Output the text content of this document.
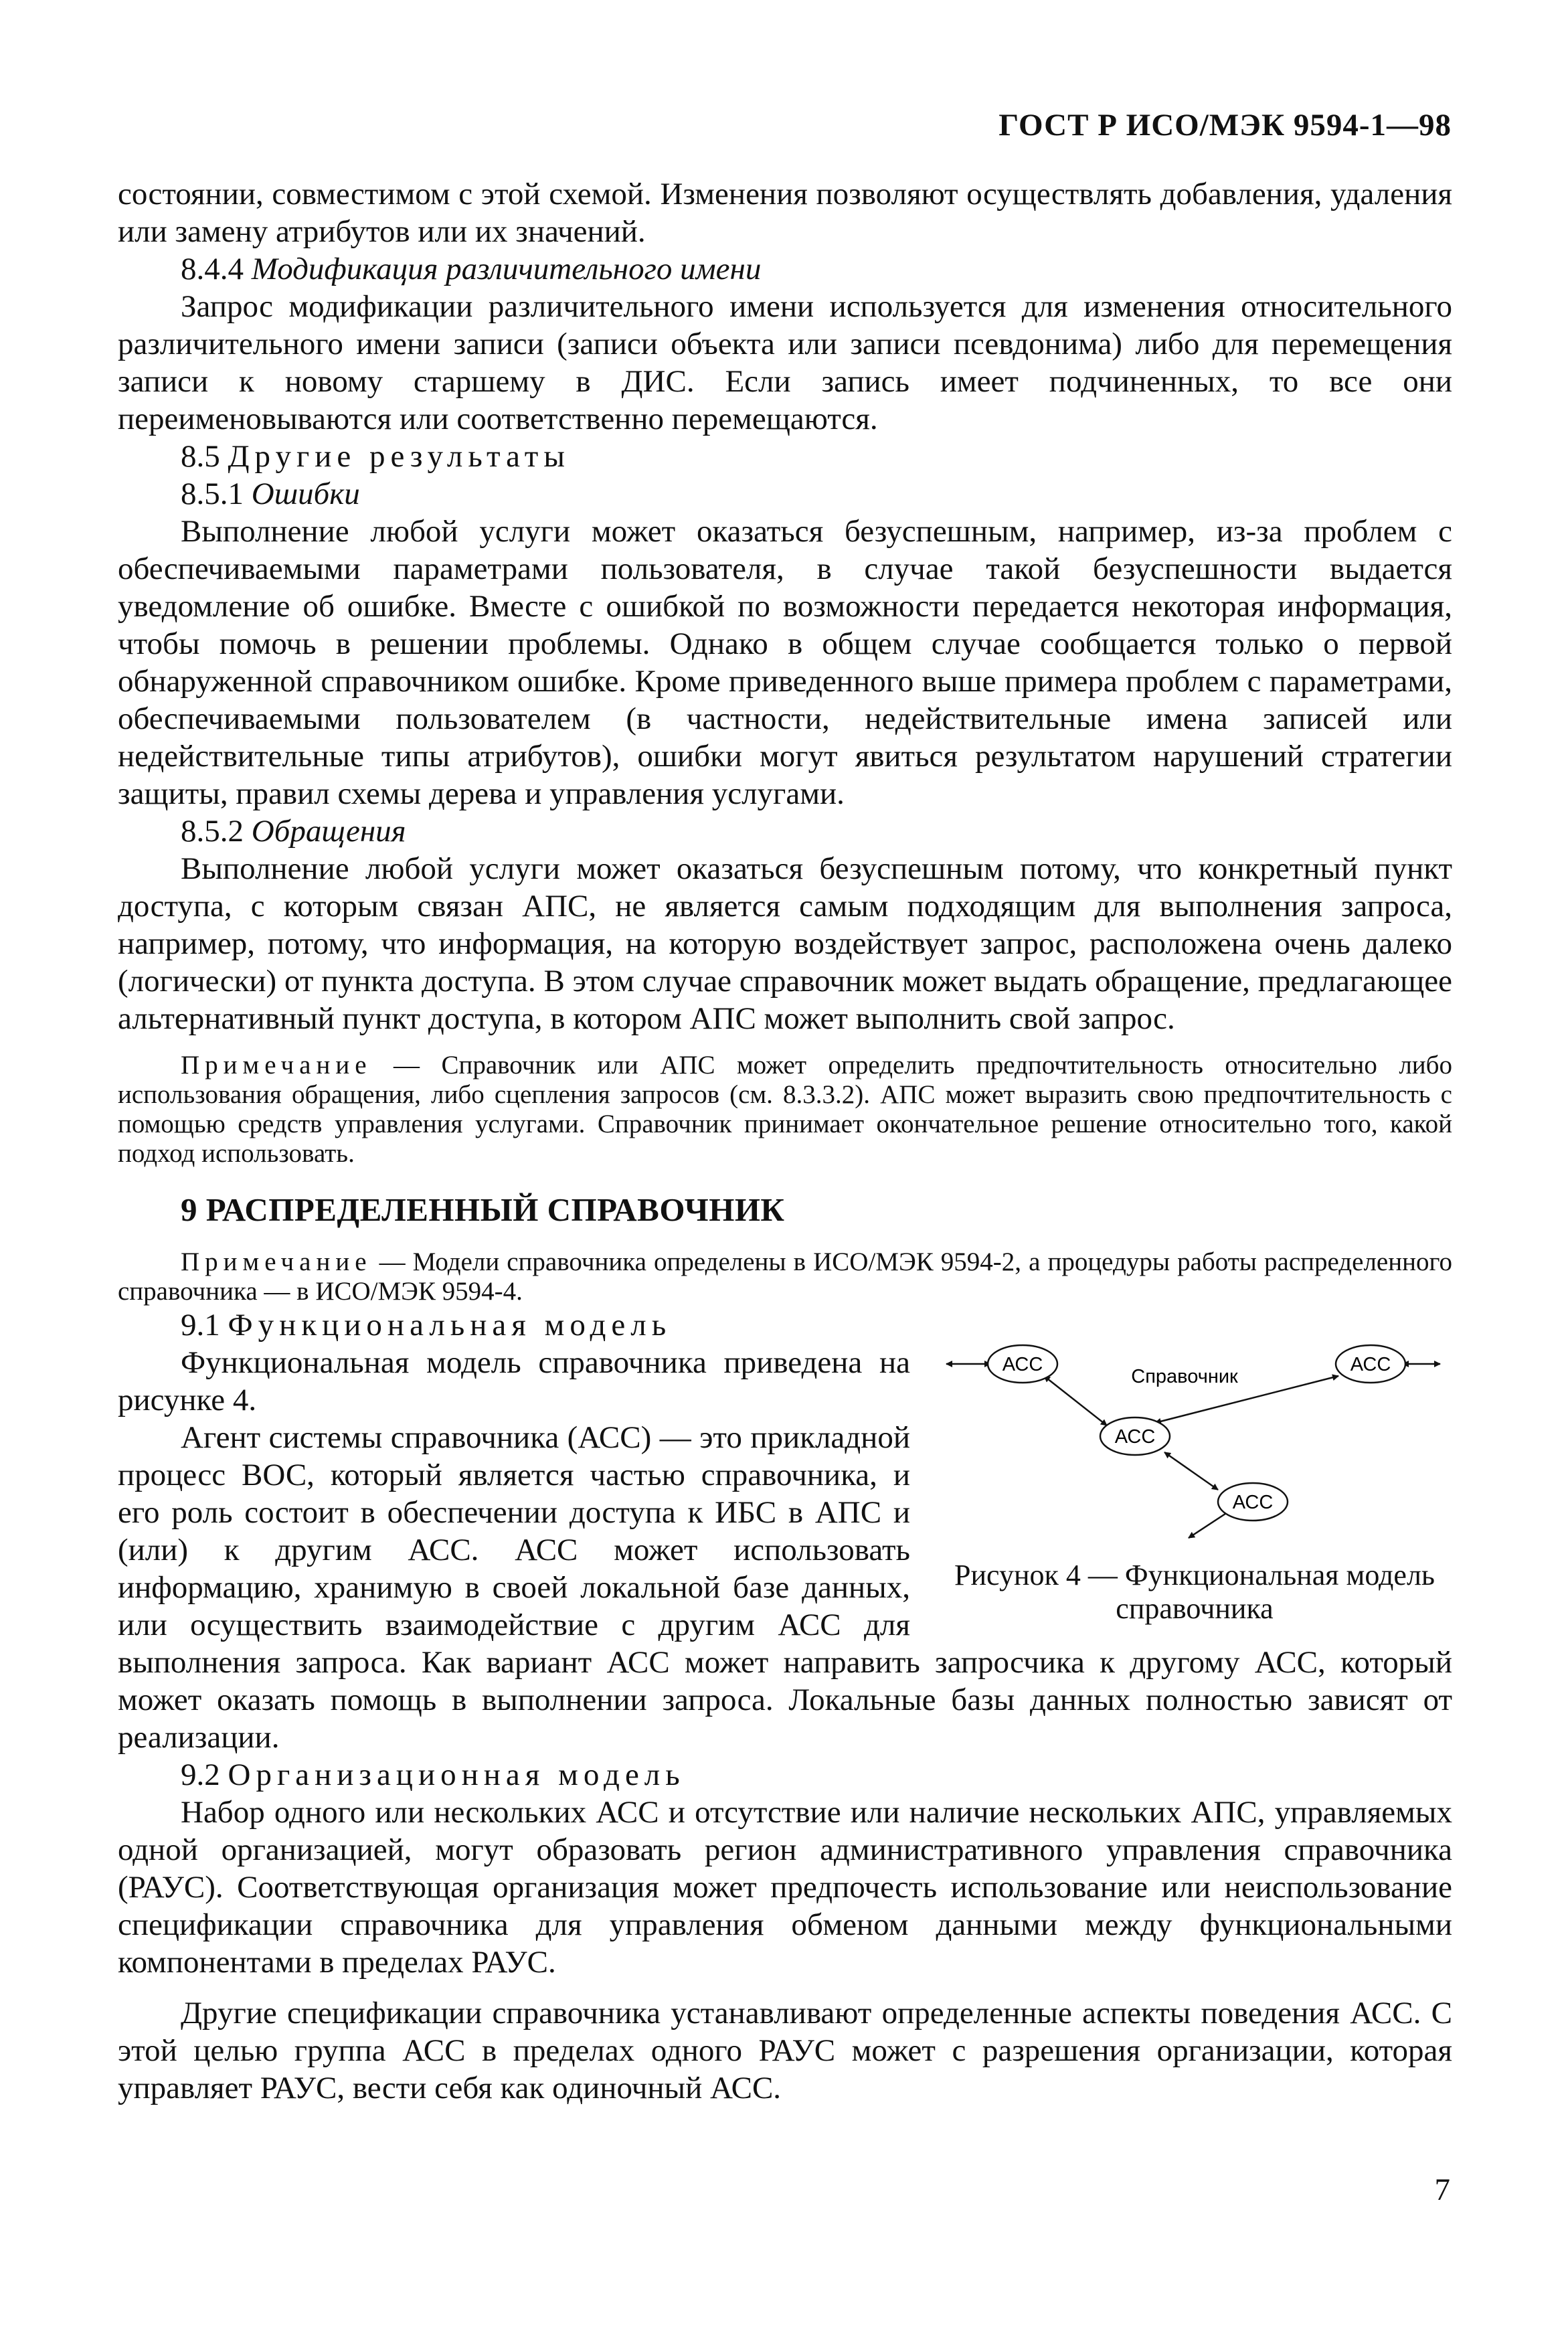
ГОСТ Р ИСО/МЭК 9594-1—98

состоянии, совместимом с этой схемой. Изменения позволяют осуществлять добавления, удаления или замену атрибутов или их значений.

8.4.4 Модификация различительного имени

Запрос модификации различительного имени используется для изменения относительного различительного имени записи (записи объекта или записи псевдонима) либо для перемещения записи к новому старшему в ДИС. Если запись имеет подчиненных, то все они переименовываются или соответственно перемещаются.

8.5 Другие результаты

8.5.1 Ошибки

Выполнение любой услуги может оказаться безуспешным, например, из-за проблем с обеспечиваемыми параметрами пользователя, в случае такой безуспешности выдается уведомление об ошибке. Вместе с ошибкой по возможности передается некоторая информация, чтобы помочь в решении проблемы. Однако в общем случае сообщается только о первой обнаруженной справочником ошибке. Кроме приведенного выше примера проблем с параметрами, обеспечиваемыми пользователем (в частности, недействительные имена записей или недействительные типы атрибутов), ошибки могут явиться результатом нарушений стратегии защиты, правил схемы дерева и управления услугами.

8.5.2 Обращения

Выполнение любой услуги может оказаться безуспешным потому, что конкретный пункт доступа, с которым связан АПС, не является самым подходящим для выполнения запроса, например, потому, что информация, на которую воздействует запрос, расположена очень далеко (логически) от пункта доступа. В этом случае справочник может выдать обращение, предлагающее альтернативный пункт доступа, в котором АПС может выполнить свой запрос.

Примечание — Справочник или АПС может определить предпочтительность относительно либо использования обращения, либо сцепления запросов (см. 8.3.3.2). АПС может выразить свою предпочтительность с помощью средств управления услугами. Справочник принимает окончательное решение относительно того, какой подход использовать.

9 РАСПРЕДЕЛЕННЫЙ СПРАВОЧНИК

Примечание — Модели справочника определены в ИСО/МЭК 9594-2, а процедуры работы распределенного справочника — в ИСО/МЭК 9594-4.

9.1 Функциональная модель

АСС
АСС
АСС
АСС
Справочник
Рисунок 4 — Функциональная модель справочника

Функциональная модель справочника приведена на рисунке 4.

Агент системы справочника (АСС) — это прикладной процесс ВОС, который является частью справочника, и его роль состоит в обеспечении доступа к ИБС в АПС и (или) к другим АСС. АСС может использовать информацию, хранимую в своей локальной базе данных, или осуществить взаимодействие с другим АСС для выполнения запроса. Как вариант АСС может направить запросчика к другому АСС, который может оказать помощь в выполнении запроса. Локальные базы данных полностью зависят от реализации.

9.2 Организационная модель

Набор одного или нескольких АСС и отсутствие или наличие нескольких АПС, управляемых одной организацией, могут образовать регион административного управления справочника (РАУС). Соответствующая организация может предпочесть использование или неиспользование спецификации справочника для управления обменом данными между функциональными компонентами в пределах РАУС.

Другие спецификации справочника устанавливают определенные аспекты поведения АСС. С этой целью группа АСС в пределах одного РАУС может с разрешения организации, которая управляет РАУС, вести себя как одиночный АСС.

7
